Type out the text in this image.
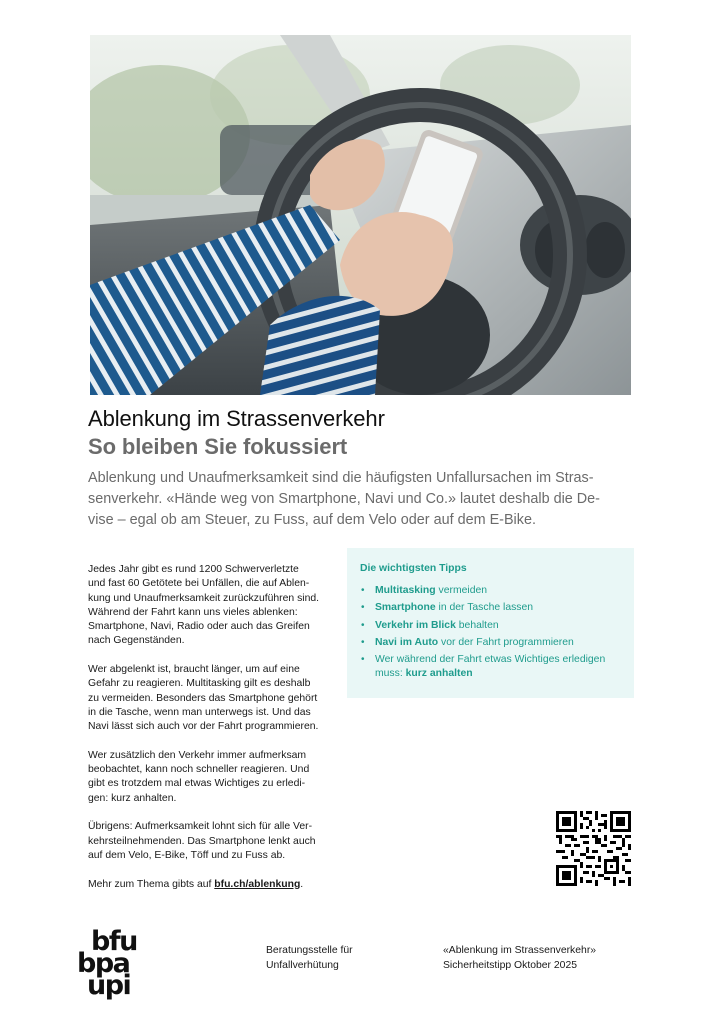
Ablenkung im Strassenverkehr
So bleiben Sie fokussiert
Ablenkung und Unaufmerksamkeit sind die häufigsten Unfallursachen im Stras-
senverkehr. «Hände weg von Smartphone, Navi und Co.» lautet deshalb die De-
vise – egal ob am Steuer, zu Fuss, auf dem Velo oder auf dem E-Bike.

Jedes Jahr gibt es rund 1200 Schwerverletzte
und fast 60 Getötete bei Unfällen, die auf Ablen-
kung und Unaufmerksamkeit zurückzuführen sind.
Während der Fahrt kann uns vieles ablenken:
Smartphone, Navi, Radio oder auch das Greifen
nach Gegenständen.

Wer abgelenkt ist, braucht länger, um auf eine
Gefahr zu reagieren. Multitasking gilt es deshalb
zu vermeiden. Besonders das Smartphone gehört
in die Tasche, wenn man unterwegs ist. Und das
Navi lässt sich auch vor der Fahrt programmieren.

Wer zusätzlich den Verkehr immer aufmerksam
beobachtet, kann noch schneller reagieren. Und
gibt es trotzdem mal etwas Wichtiges zu erledi-
gen: kurz anhalten.

Übrigens: Aufmerksamkeit lohnt sich für alle Ver-
kehrsteilnehmenden. Das Smartphone lenkt auch
auf dem Velo, E-Bike, Töff und zu Fuss ab.

Mehr zum Thema gibts auf bfu.ch/ablenkung.

Die wichtigsten Tipps
• Multitasking vermeiden
• Smartphone in der Tasche lassen
• Verkehr im Blick behalten
• Navi im Auto vor der Fahrt programmieren
• Wer während der Fahrt etwas Wichtiges erledigen
muss: kurz anhalten
bfu
bpa
upi
Beratungsstelle für
Unfallverhütung
«Ablenkung im Strassenverkehr»
Sicherheitstipp Oktober 2025
